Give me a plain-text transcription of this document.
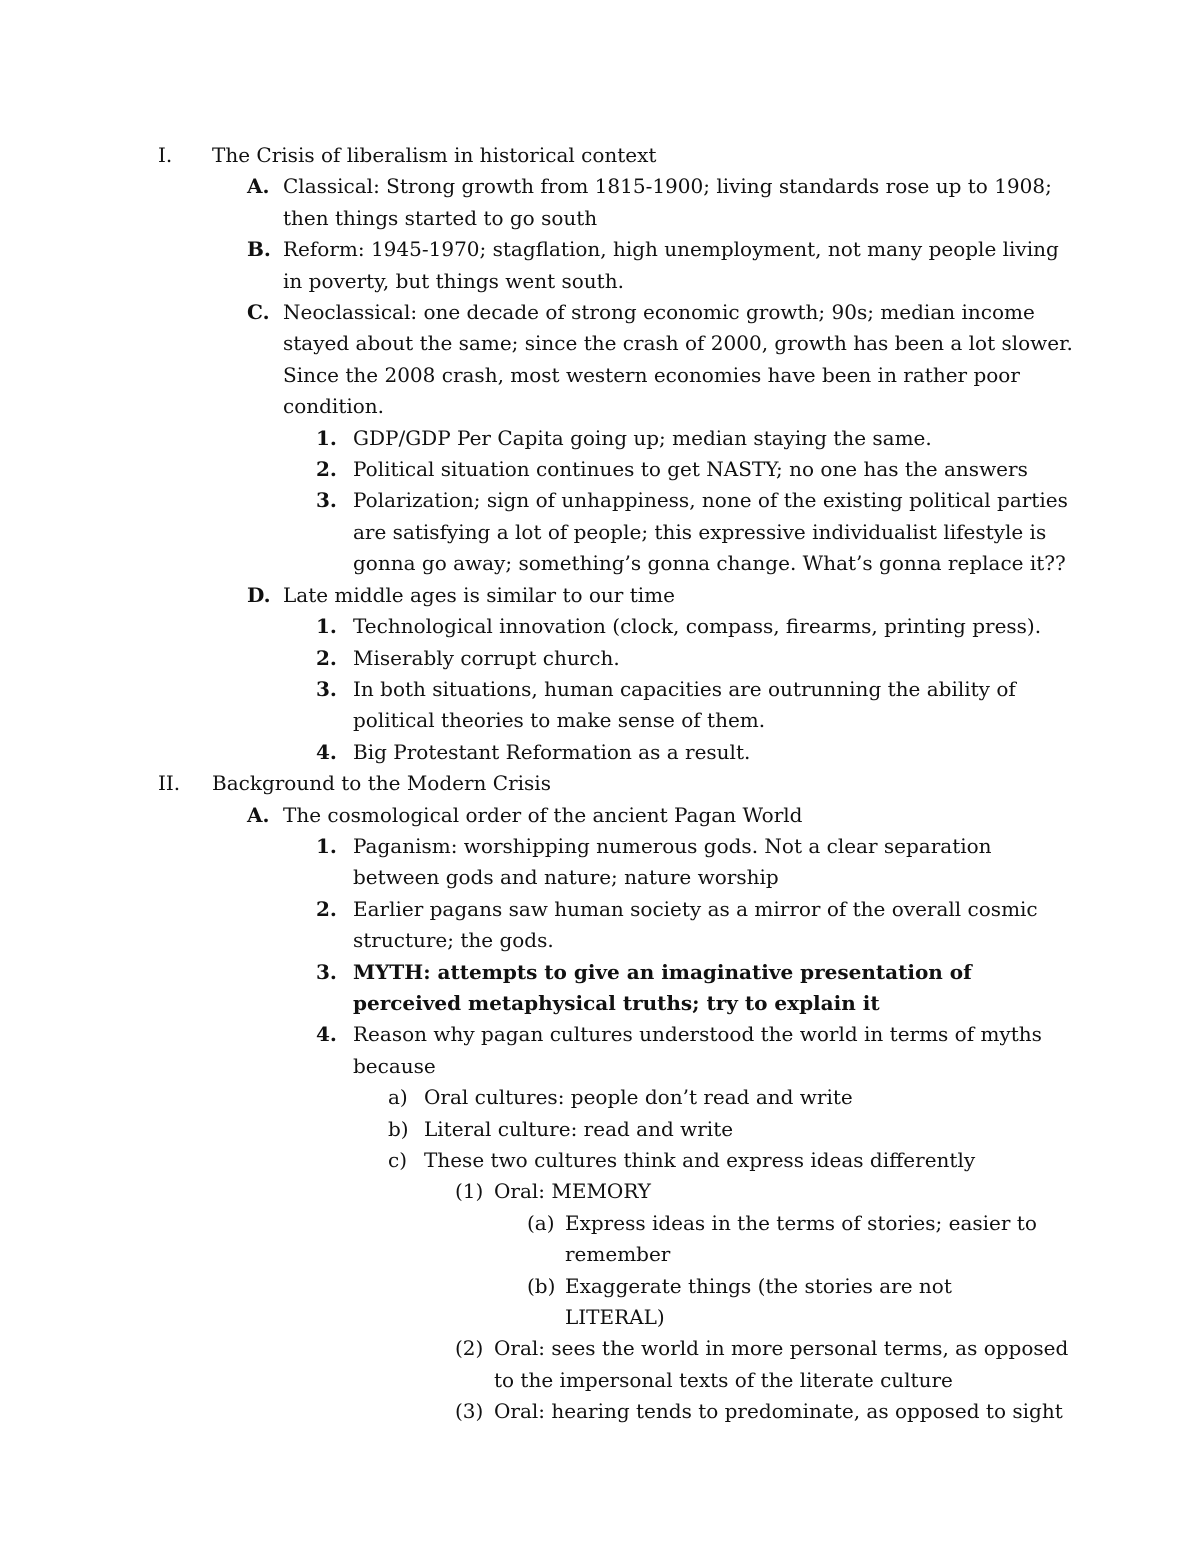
I. The Crisis of liberalism in historical context
A. Classical: Strong growth from 1815-1900; living standards rose up to 1908; then things started to go south
B. Reform: 1945-1970; stagflation, high unemployment, not many people living in poverty, but things went south.
C. Neoclassical: one decade of strong economic growth; 90s; median income stayed about the same; since the crash of 2000, growth has been a lot slower. Since the 2008 crash, most western economies have been in rather poor condition.
1. GDP/GDP Per Capita going up; median staying the same.
2. Political situation continues to get NASTY; no one has the answers
3. Polarization; sign of unhappiness, none of the existing political parties are satisfying a lot of people; this expressive individualist lifestyle is gonna go away; something’s gonna change. What’s gonna replace it??
D. Late middle ages is similar to our time
1. Technological innovation (clock, compass, firearms, printing press).
2. Miserably corrupt church.
3. In both situations, human capacities are outrunning the ability of political theories to make sense of them.
4. Big Protestant Reformation as a result.
II. Background to the Modern Crisis
A. The cosmological order of the ancient Pagan World
1. Paganism: worshipping numerous gods. Not a clear separation between gods and nature; nature worship
2. Earlier pagans saw human society as a mirror of the overall cosmic structure; the gods.
3. MYTH: attempts to give an imaginative presentation of perceived metaphysical truths; try to explain it
4. Reason why pagan cultures understood the world in terms of myths because
a) Oral cultures: people don’t read and write
b) Literal culture: read and write
c) These two cultures think and express ideas differently
(1) Oral: MEMORY
(a) Express ideas in the terms of stories; easier to remember
(b) Exaggerate things (the stories are not LITERAL)
(2) Oral: sees the world in more personal terms, as opposed to the impersonal texts of the literate culture
(3) Oral: hearing tends to predominate, as opposed to sight
